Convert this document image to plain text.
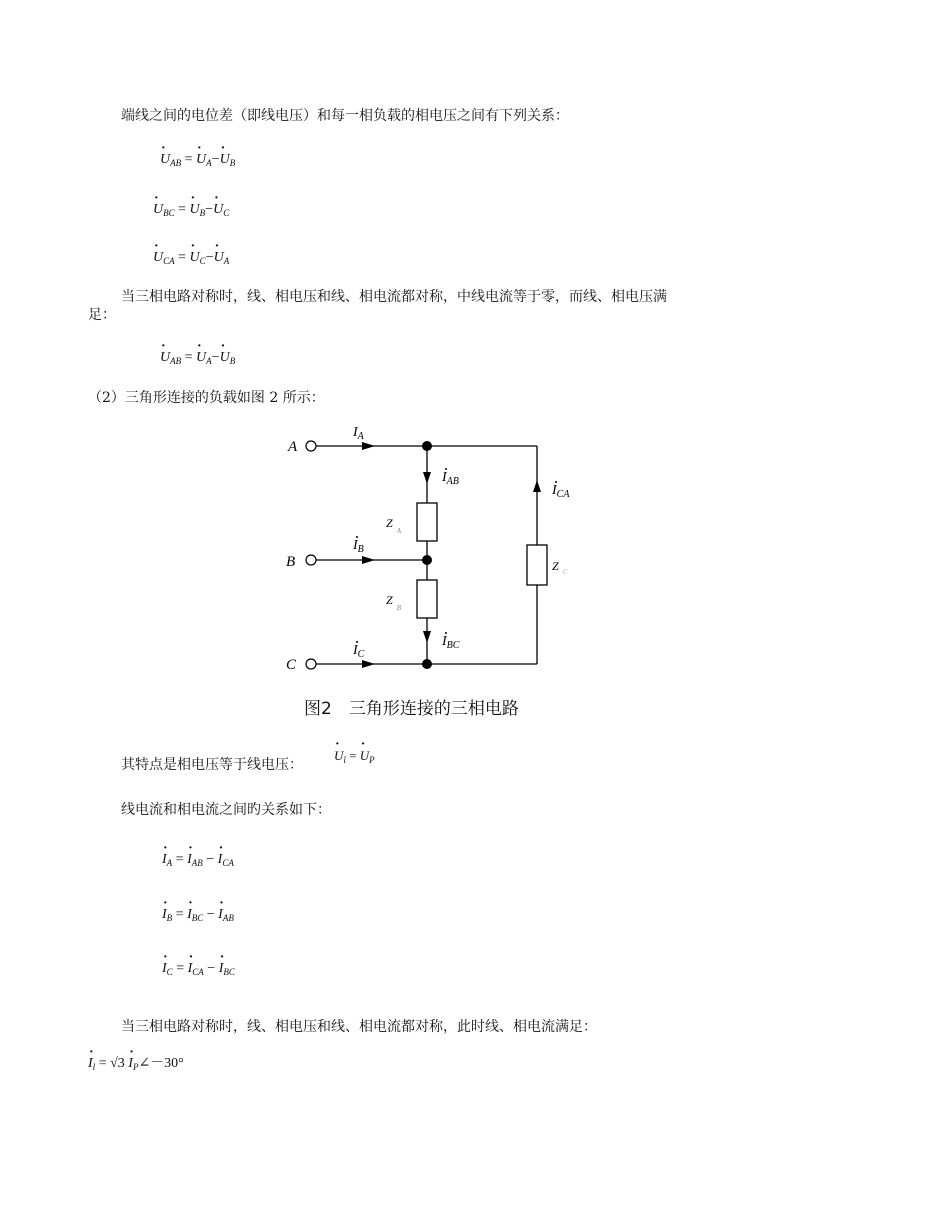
端线之间的电位差（即线电压）和每一相负载的相电压之间有下列关系：
· $U_{AB}$ = · $U_A-\cdot U_B$
· $U_{BC}$ = · $U_B-\cdot U_C$
· $U_{CA}$ = · $U_C-\cdot U_A$
当三相电路对称时，线、相电压和线、相电流都对称，中线电流等于零，而线、相电压满
足：
· $U_{AB}$ = · $U_A-\cdot U_B$
（2）三角形连接的负载如图 2 所示：
A
B
C
$I_A$
$I_B$
$I_C$
$I_{AB}$
$I_{BC}$
$I_{CA}$
$Z_A$
$Z_B$
Z $_C$
图2　三角形连接的三相电路
其特点是相电压等于线电压：
· $U_l$ = · $U_P$
线电流和相电流之间旳关系如下：
· $I_A$ = · $I_{AB}$ − · $I_{CA}$
· $I_B$ = · $I_{BC}$ − · $I_{AB}$
· $I_C$ = · $I_{CA}$ − · $I_{BC}$
当三相电路对称时，线、相电压和线、相电流都对称，此时线、相电流满足：
· $I_l = √3$ · $I_P\angle-30^\circ$
